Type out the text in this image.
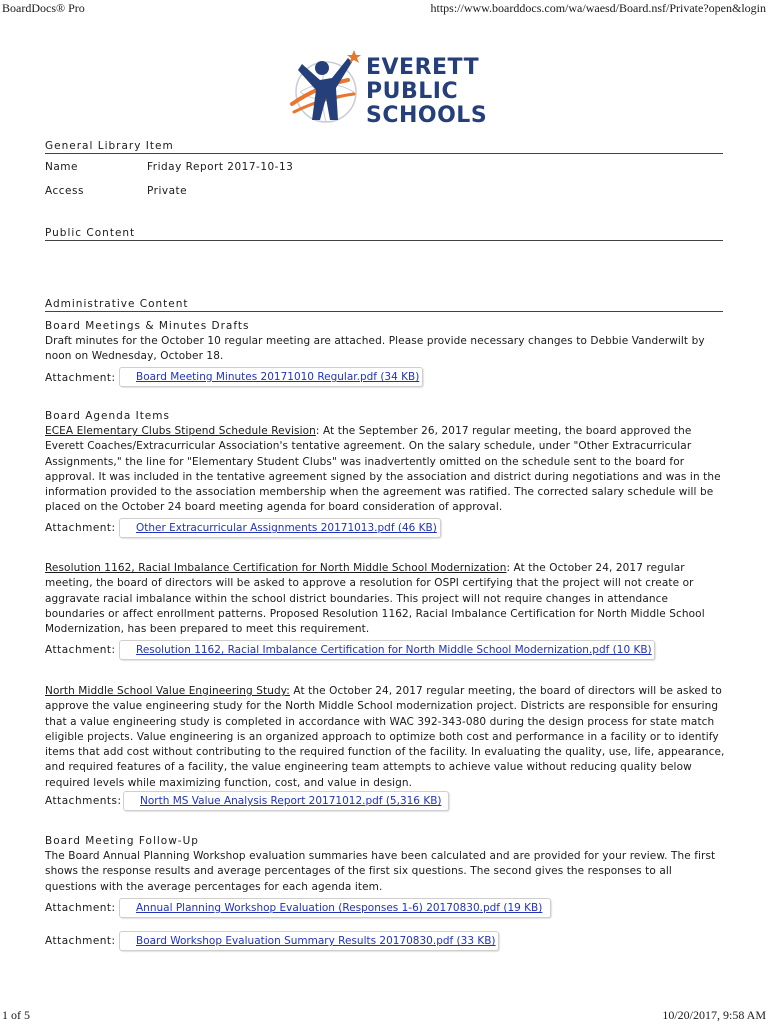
BoardDocs® Pro	https://www.boarddocs.com/wa/waesd/Board.nsf/Private?open&login
EVERETT
PUBLIC
SCHOOLS
General Library Item
Name	Friday Report 2017-10-13
Access	Private
Public Content
Administrative Content
Board Meetings & Minutes Drafts
Draft minutes for the October 10 regular meeting are attached. Please provide necessary changes to Debbie Vanderwilt by noon on Wednesday, October 18.
Attachment: Board Meeting Minutes 20171010 Regular.pdf (34 KB)
Board Agenda Items
ECEA Elementary Clubs Stipend Schedule Revision: At the September 26, 2017 regular meeting, the board approved the Everett Coaches/Extracurricular Association's tentative agreement. On the salary schedule, under "Other Extracurricular Assignments," the line for "Elementary Student Clubs" was inadvertently omitted on the schedule sent to the board for approval. It was included in the tentative agreement signed by the association and district during negotiations and was in the information provided to the association membership when the agreement was ratified. The corrected salary schedule will be placed on the October 24 board meeting agenda for board consideration of approval.
Attachment: Other Extracurricular Assignments 20171013.pdf (46 KB)
Resolution 1162, Racial Imbalance Certification for North Middle School Modernization: At the October 24, 2017 regular meeting, the board of directors will be asked to approve a resolution for OSPI certifying that the project will not create or aggravate racial imbalance within the school district boundaries. This project will not require changes in attendance boundaries or affect enrollment patterns. Proposed Resolution 1162, Racial Imbalance Certification for North Middle School Modernization, has been prepared to meet this requirement.
Attachment: Resolution 1162, Racial Imbalance Certification for North Middle School Modernization.pdf (10 KB)
North Middle School Value Engineering Study: At the October 24, 2017 regular meeting, the board of directors will be asked to approve the value engineering study for the North Middle School modernization project. Districts are responsible for ensuring that a value engineering study is completed in accordance with WAC 392-343-080 during the design process for state match eligible projects. Value engineering is an organized approach to optimize both cost and performance in a facility or to identify items that add cost without contributing to the required function of the facility. In evaluating the quality, use, life, appearance, and required features of a facility, the value engineering team attempts to achieve value without reducing quality below required levels while maximizing function, cost, and value in design.
Attachments: North MS Value Analysis Report 20171012.pdf (5,316 KB)
Board Meeting Follow-Up
The Board Annual Planning Workshop evaluation summaries have been calculated and are provided for your review. The first shows the response results and average percentages of the first six questions. The second gives the responses to all questions with the average percentages for each agenda item.
Attachment: Annual Planning Workshop Evaluation (Responses 1-6) 20170830.pdf (19 KB)
Attachment: Board Workshop Evaluation Summary Results 20170830.pdf (33 KB)
1 of 5	10/20/2017, 9:58 AM
